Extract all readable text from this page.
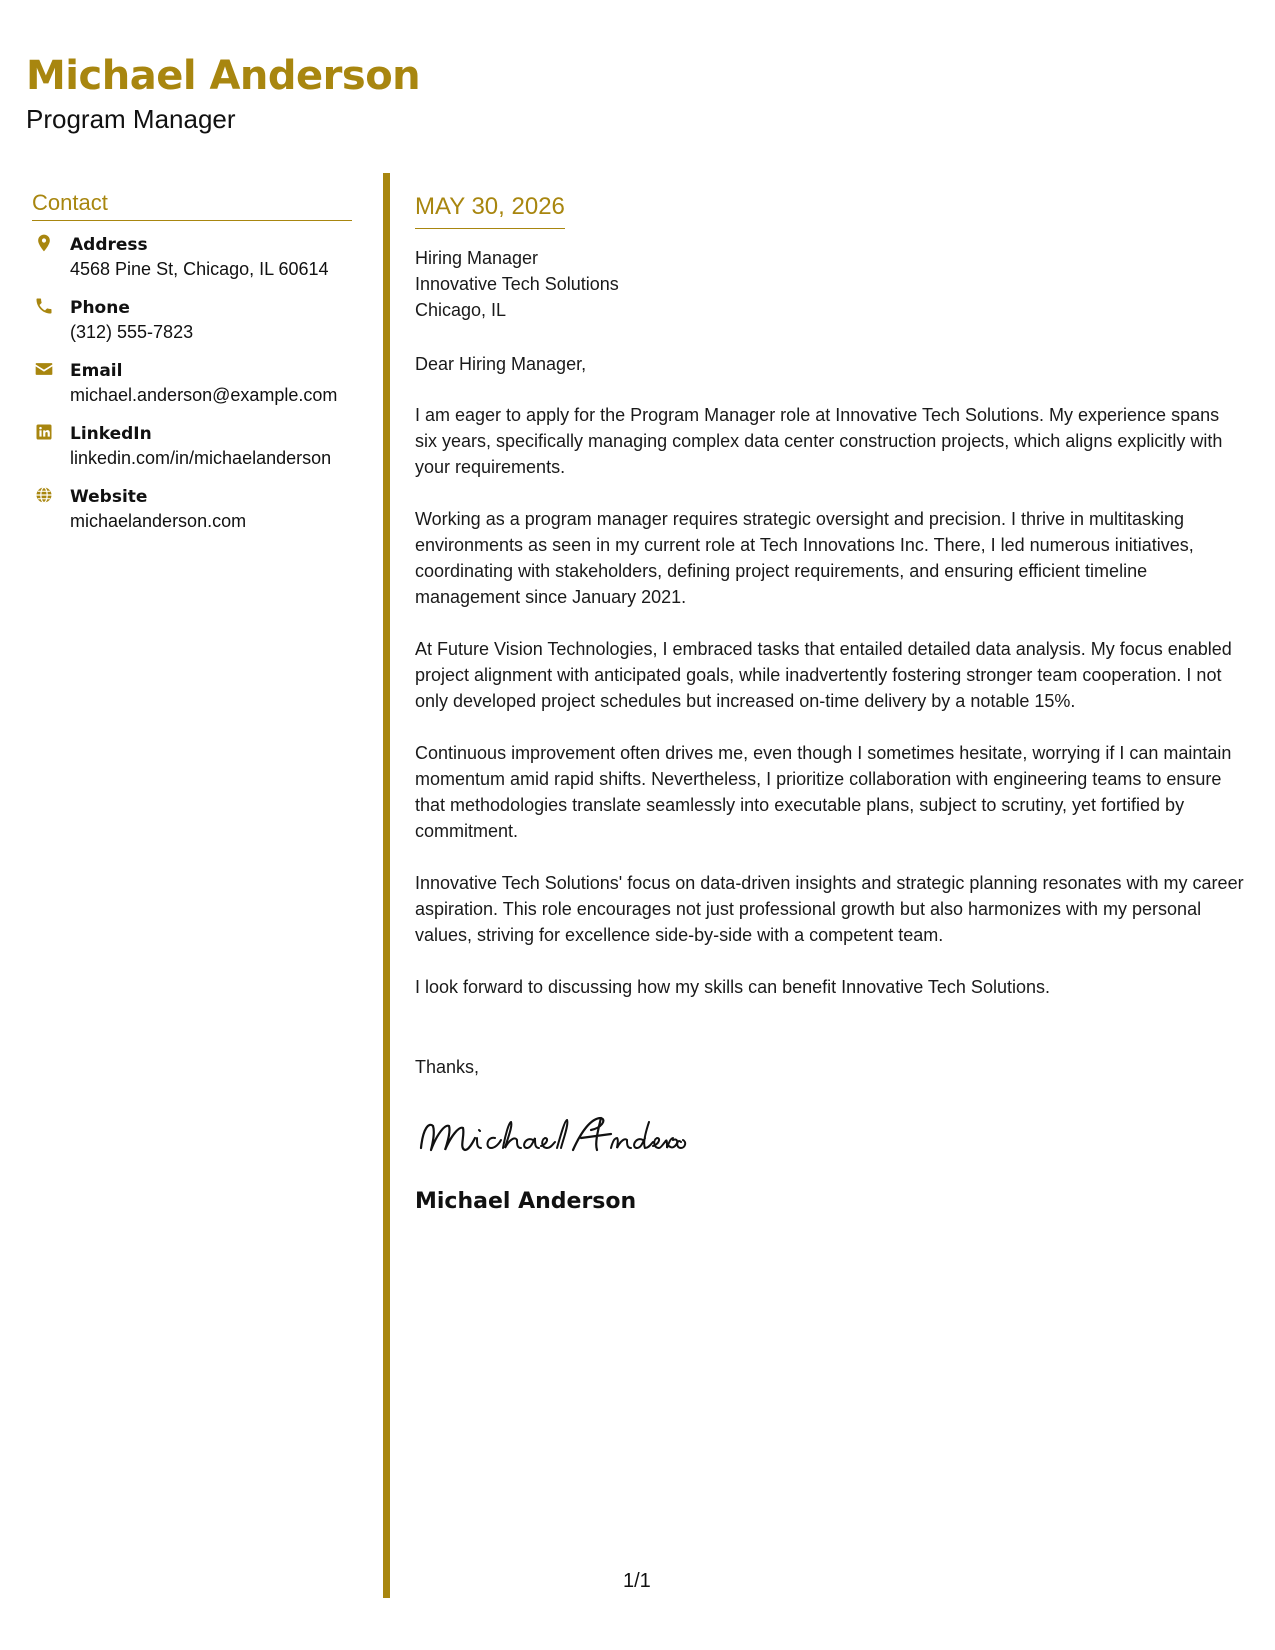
Michael Anderson
Program Manager
Contact
Address
4568 Pine St, Chicago, IL 60614
Phone
(312) 555-7823
Email
michael.anderson@example.com
LinkedIn
linkedin.com/in/michaelanderson
Website
michaelanderson.com
MAY 30, 2026
Hiring Manager
Innovative Tech Solutions
Chicago, IL

Dear Hiring Manager,

I am eager to apply for the Program Manager role at Innovative Tech Solutions. My experience spans six years, specifically managing complex data center construction projects, which aligns explicitly with your requirements.

Working as a program manager requires strategic oversight and precision. I thrive in multitasking environments as seen in my current role at Tech Innovations Inc. There, I led numerous initiatives, coordinating with stakeholders, defining project requirements, and ensuring efficient timeline management since January 2021.

At Future Vision Technologies, I embraced tasks that entailed detailed data analysis. My focus enabled project alignment with anticipated goals, while inadvertently fostering stronger team cooperation. I not only developed project schedules but increased on-time delivery by a notable 15%.

Continuous improvement often drives me, even though I sometimes hesitate, worrying if I can maintain momentum amid rapid shifts. Nevertheless, I prioritize collaboration with engineering teams to ensure that methodologies translate seamlessly into executable plans, subject to scrutiny, yet fortified by commitment.

Innovative Tech Solutions' focus on data-driven insights and strategic planning resonates with my career aspiration. This role encourages not just professional growth but also harmonizes with my personal values, striving for excellence side-by-side with a competent team.

I look forward to discussing how my skills can benefit Innovative Tech Solutions.

Thanks,
Michael Anderson
1/1
